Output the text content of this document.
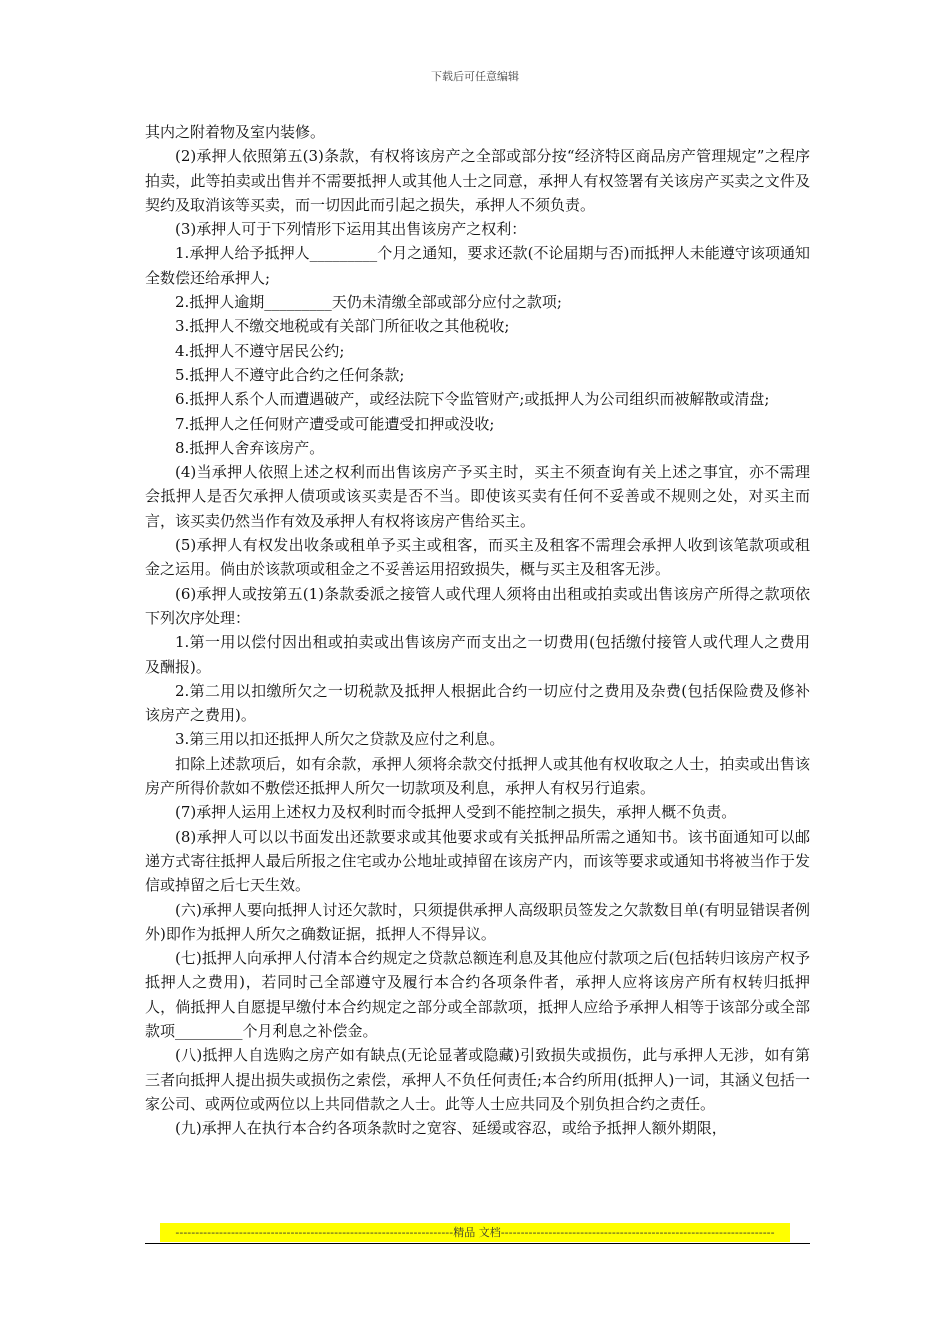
下载后可任意编辑

其内之附着物及室内装修。

(2)承押人依照第五(3)条款，有权将该房产之全部或部分按“经济特区商品房产管理规定”之程序拍卖，此等拍卖或出售并不需要抵押人或其他人士之同意，承押人有权签署有关该房产买卖之文件及契约及取消该等买卖，而一切因此而引起之损失，承押人不须负责。

(3)承押人可于下列情形下运用其出售该房产之权利：

1.承押人给予抵押人_________个月之通知，要求还款(不论届期与否)而抵押人未能遵守该项通知全数偿还给承押人;

2.抵押人逾期_________天仍未清缴全部或部分应付之款项;

3.抵押人不缴交地税或有关部门所征收之其他税收;

4.抵押人不遵守居民公约;

5.抵押人不遵守此合约之任何条款;

6.抵押人系个人而遭遇破产，或经法院下令监管财产;或抵押人为公司组织而被解散或清盘;

7.抵押人之任何财产遭受或可能遭受扣押或没收;

8.抵押人舍弃该房产。

(4)当承押人依照上述之权利而出售该房产予买主时，买主不须查询有关上述之事宜，亦不需理会抵押人是否欠承押人债项或该买卖是否不当。即使该买卖有任何不妥善或不规则之处，对买主而言，该买卖仍然当作有效及承押人有权将该房产售给买主。

(5)承押人有权发出收条或租单予买主或租客，而买主及租客不需理会承押人收到该笔款项或租金之运用。倘由於该款项或租金之不妥善运用招致损失，概与买主及租客无涉。

(6)承押人或按第五(1)条款委派之接管人或代理人须将由出租或拍卖或出售该房产所得之款项依下列次序处理：

1.第一用以偿付因出租或拍卖或出售该房产而支出之一切费用(包括缴付接管人或代理人之费用及酬报)。

2.第二用以扣缴所欠之一切税款及抵押人根据此合约一切应付之费用及杂费(包括保险费及修补该房产之费用)。

3.第三用以扣还抵押人所欠之贷款及应付之利息。

扣除上述款项后，如有余款，承押人须将余款交付抵押人或其他有权收取之人士，拍卖或出售该房产所得价款如不敷偿还抵押人所欠一切款项及利息，承押人有权另行追索。

(7)承押人运用上述权力及权利时而令抵押人受到不能控制之损失，承押人概不负责。

(8)承押人可以以书面发出还款要求或其他要求或有关抵押品所需之通知书。该书面通知可以邮递方式寄往抵押人最后所报之住宅或办公地址或掉留在该房产内，而该等要求或通知书将被当作于发信或掉留之后七天生效。

(六)承押人要向抵押人讨还欠款时，只须提供承押人高级职员签发之欠款数目单(有明显错误者例外)即作为抵押人所欠之确数证据，抵押人不得异议。

(七)抵押人向承押人付清本合约规定之贷款总额连利息及其他应付款项之后(包括转归该房产权予抵押人之费用)，若同时己全部遵守及履行本合约各项条件者，承押人应将该房产所有权转归抵押人，倘抵押人自愿提早缴付本合约规定之部分或全部款项，抵押人应给予承押人相等于该部分或全部款项_________个月利息之补偿金。

(八)抵押人自选购之房产如有缺点(无论显著或隐藏)引致损失或损伤，此与承押人无涉，如有第三者向抵押人提出损失或损伤之索偿，承押人不负任何责任;本合约所用(抵押人)一词，其涵义包括一家公司、或两位或两位以上共同借款之人士。此等人士应共同及个别负担合约之责任。

(九)承押人在执行本合约各项条款时之宽容、延缓或容忍，或给予抵押人额外期限，

----------------------------------------------------------------------精品 文档---------------------------------------------------------------------
